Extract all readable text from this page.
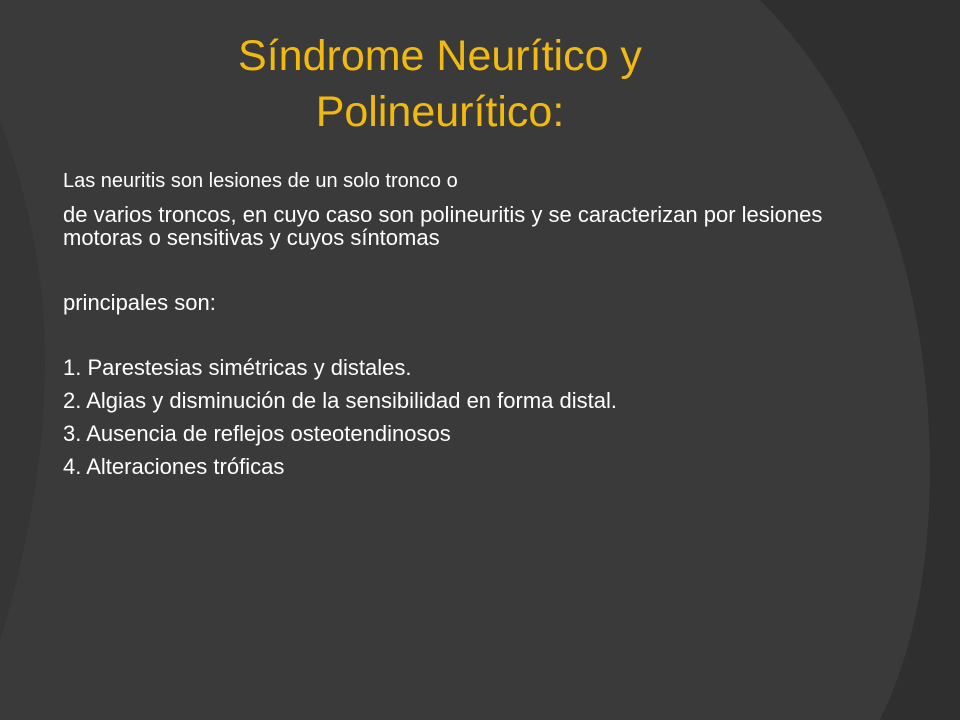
Síndrome Neurítico y
Polineurítico:

Las neuritis son lesiones de un solo tronco o

de varios troncos, en cuyo caso son polineuritis y se caracterizan por lesiones motoras o sensitivas y cuyos síntomas

principales son:

1. Parestesias simétricas y distales.

2. Algias y disminución de la sensibilidad en forma distal.

3. Ausencia de reflejos osteotendinosos

4. Alteraciones tróficas
